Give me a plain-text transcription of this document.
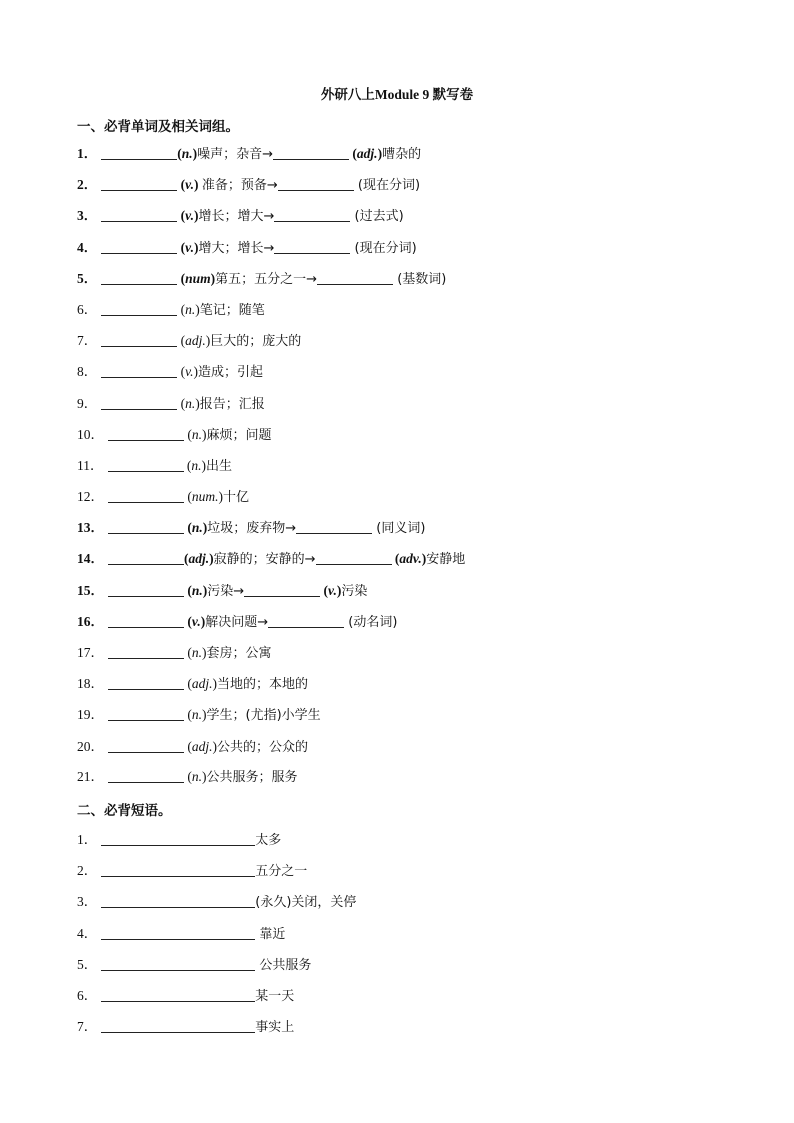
外研八上Module 9 默写卷
一、必背单词及相关词组。
1．	(n.)噪声；杂音→	(adj.)嘈杂的
2．	(v.) 准备；预备→	(现在分词)
3．	(v.)增长；增大→	(过去式)
4．	(v.)增大；增长→	(现在分词)
5．	(num)第五；五分之一→	(基数词)
6．	(n.)笔记；随笔
7．	(adj.)巨大的；庞大的
8．	(v.)造成；引起
9．	(n.)报告；汇报
10．	(n.)麻烦；问题
11．	(n.)出生
12．	(num.)十亿
13．	(n.)垃圾；废弃物→	(同义词)
14．	(adj.)寂静的；安静的→	(adv.)安静地
15．	(n.)污染→	(v.)污染
16．	(v.)解决问题→	(动名词)
17．	(n.)套房；公寓
18．	(adj.)当地的；本地的
19．	(n.)学生；(尤指)小学生
20．	(adj.)公共的；公众的
21．	(n.)公共服务；服务
二、必背短语。
1．	太多
2．	五分之一
3．	(永久)关闭，关停
4．	靠近
5．	公共服务
6．	某一天
7．	事实上
